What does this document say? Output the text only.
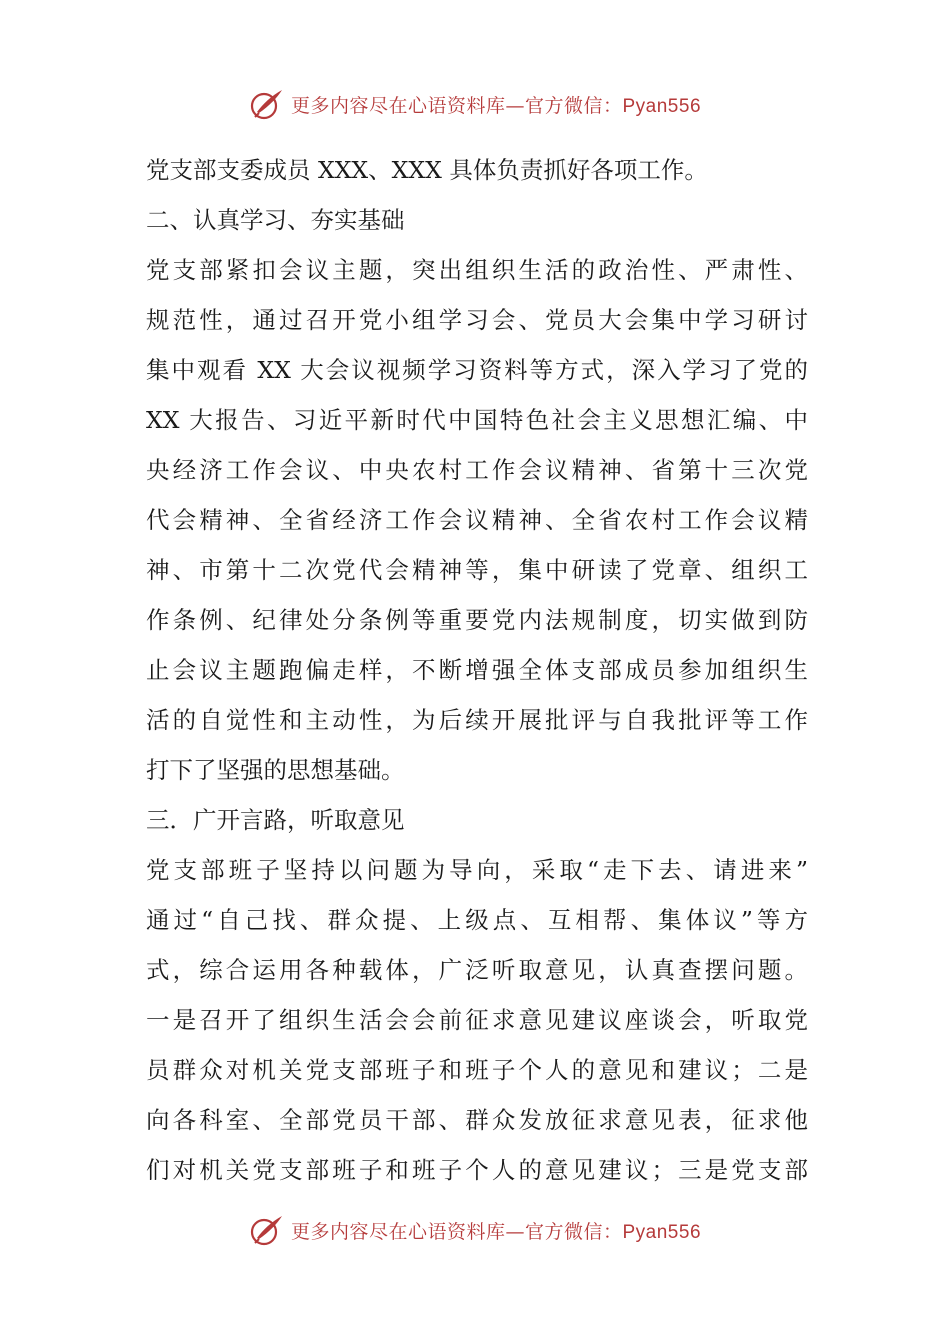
更多内容尽在心语资料库—官方微信：Pyan556
党支部支委成员 XXX、XXX 具体负责抓好各项工作。
二、认真学习、夯实基础
党支部紧扣会议主题，突出组织生活的政治性、严肃性、
规范性，通过召开党小组学习会、党员大会集中学习研讨
集中观看 XX 大会议视频学习资料等方式，深入学习了党的
XX 大报告、习近平新时代中国特色社会主义思想汇编、中
央经济工作会议、中央农村工作会议精神、省第十三次党
代会精神、全省经济工作会议精神、全省农村工作会议精
神、市第十二次党代会精神等，集中研读了党章、组织工
作条例、纪律处分条例等重要党内法规制度，切实做到防
止会议主题跑偏走样，不断增强全体支部成员参加组织生
活的自觉性和主动性，为后续开展批评与自我批评等工作
打下了坚强的思想基础。
三．广开言路，听取意见
党支部班子坚持以问题为导向，采取“走下去、请进来”
通过“自己找、群众提、上级点、互相帮、集体议”等方
式，综合运用各种载体，广泛听取意见，认真查摆问题。
一是召开了组织生活会会前征求意见建议座谈会，听取党
员群众对机关党支部班子和班子个人的意见和建议；二是
向各科室、全部党员干部、群众发放征求意见表，征求他
们对机关党支部班子和班子个人的意见建议；三是党支部
更多内容尽在心语资料库—官方微信：Pyan556
